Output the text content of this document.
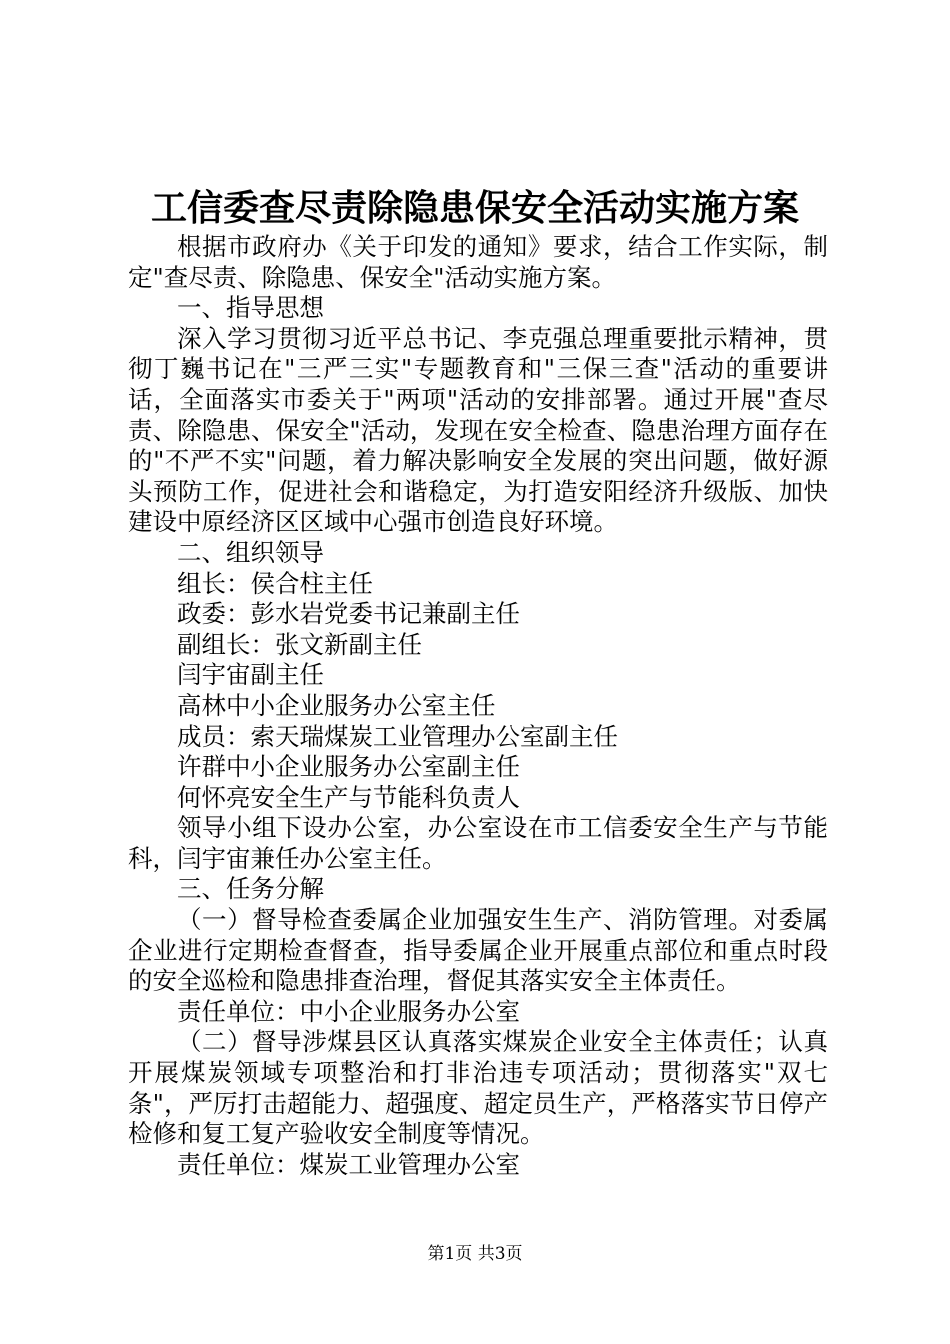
工信委查尽责除隐患保安全活动实施方案

根据市政府办《关于印发的通知》要求，结合工作实际，制定"查尽责、除隐患、保安全"活动实施方案。

一、指导思想

深入学习贯彻习近平总书记、李克强总理重要批示精神，贯彻丁巍书记在"三严三实"专题教育和"三保三查"活动的重要讲话，全面落实市委关于"两项"活动的安排部署。通过开展"查尽责、除隐患、保安全"活动，发现在安全检查、隐患治理方面存在的"不严不实"问题，着力解决影响安全发展的突出问题，做好源头预防工作，促进社会和谐稳定，为打造安阳经济升级版、加快建设中原经济区区域中心强市创造良好环境。

二、组织领导

组长：侯合柱主任

政委：彭水岩党委书记兼副主任

副组长：张文新副主任

闫宇宙副主任

高林中小企业服务办公室主任

成员：索天瑞煤炭工业管理办公室副主任

许群中小企业服务办公室副主任

何怀亮安全生产与节能科负责人

领导小组下设办公室，办公室设在市工信委安全生产与节能科，闫宇宙兼任办公室主任。

三、任务分解

（一）督导检查委属企业加强安生生产、消防管理。对委属企业进行定期检查督查，指导委属企业开展重点部位和重点时段的安全巡检和隐患排查治理，督促其落实安全主体责任。

责任单位：中小企业服务办公室

（二）督导涉煤县区认真落实煤炭企业安全主体责任；认真开展煤炭领域专项整治和打非治违专项活动；贯彻落实"双七条"，严厉打击超能力、超强度、超定员生产，严格落实节日停产检修和复工复产验收安全制度等情况。

责任单位：煤炭工业管理办公室

第1页 共3页
